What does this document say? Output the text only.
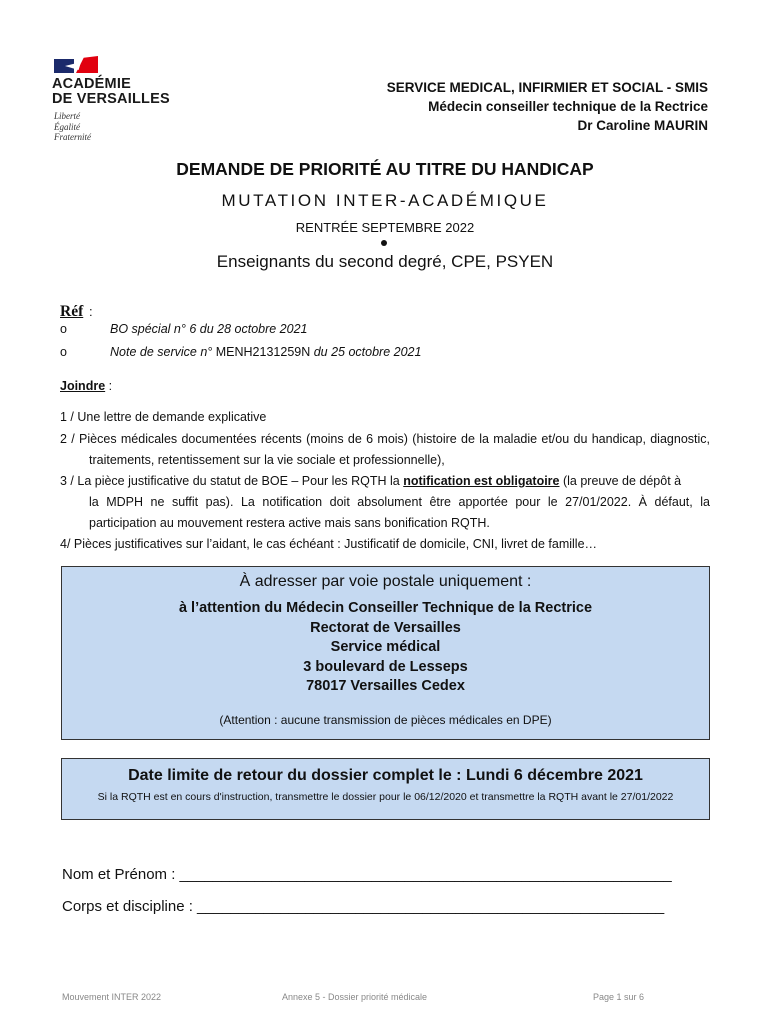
ACADÉMIE
DE VERSAILLES
Liberté
Égalité
Fraternité
SERVICE MEDICAL, INFIRMIER ET SOCIAL - SMIS
Médecin conseiller technique de la Rectrice
Dr Caroline MAURIN
DEMANDE DE PRIORITÉ AU TITRE DU HANDICAP
MUTATION INTER-ACADÉMIQUE
RENTRÉE SEPTEMBRE 2022
Enseignants du second degré, CPE, PSYEN
Réf :
o	BO spécial n° 6 du 28 octobre 2021
o	Note de service n° MENH2131259N du 25 octobre 2021
Joindre :
1 / Une lettre de demande explicative
2 / Pièces médicales documentées récents (moins de 6 mois) (histoire de la maladie et/ou du handicap, diagnostic,
traitements, retentissement sur la vie sociale et professionnelle),
3 / La pièce justificative du statut de BOE – Pour les RQTH la notification est obligatoire (la preuve de dépôt à
la MDPH ne suffit pas). La notification doit absolument être apportée pour le 27/01/2022. À défaut, la
participation au mouvement restera active mais sans bonification RQTH.
4/ Pièces justificatives sur l’aidant, le cas échéant : Justificatif de domicile, CNI, livret de famille…
À adresser par voie postale uniquement :
à l’attention du Médecin Conseiller Technique de la Rectrice
Rectorat de Versailles
Service médical
3 boulevard de Lesseps
78017 Versailles Cedex
(Attention : aucune transmission de pièces médicales en DPE)
Date limite de retour du dossier complet le : Lundi 6 décembre 2021
Si la RQTH est en cours d'instruction, transmettre le dossier pour le 06/12/2020 et transmettre la RQTH avant le 27/01/2022
Nom et Prénom : ___________________________________________________________
Corps et discipline : ________________________________________________________
Mouvement INTER 2022	Annexe 5 - Dossier priorité médicale	Page 1 sur 6
